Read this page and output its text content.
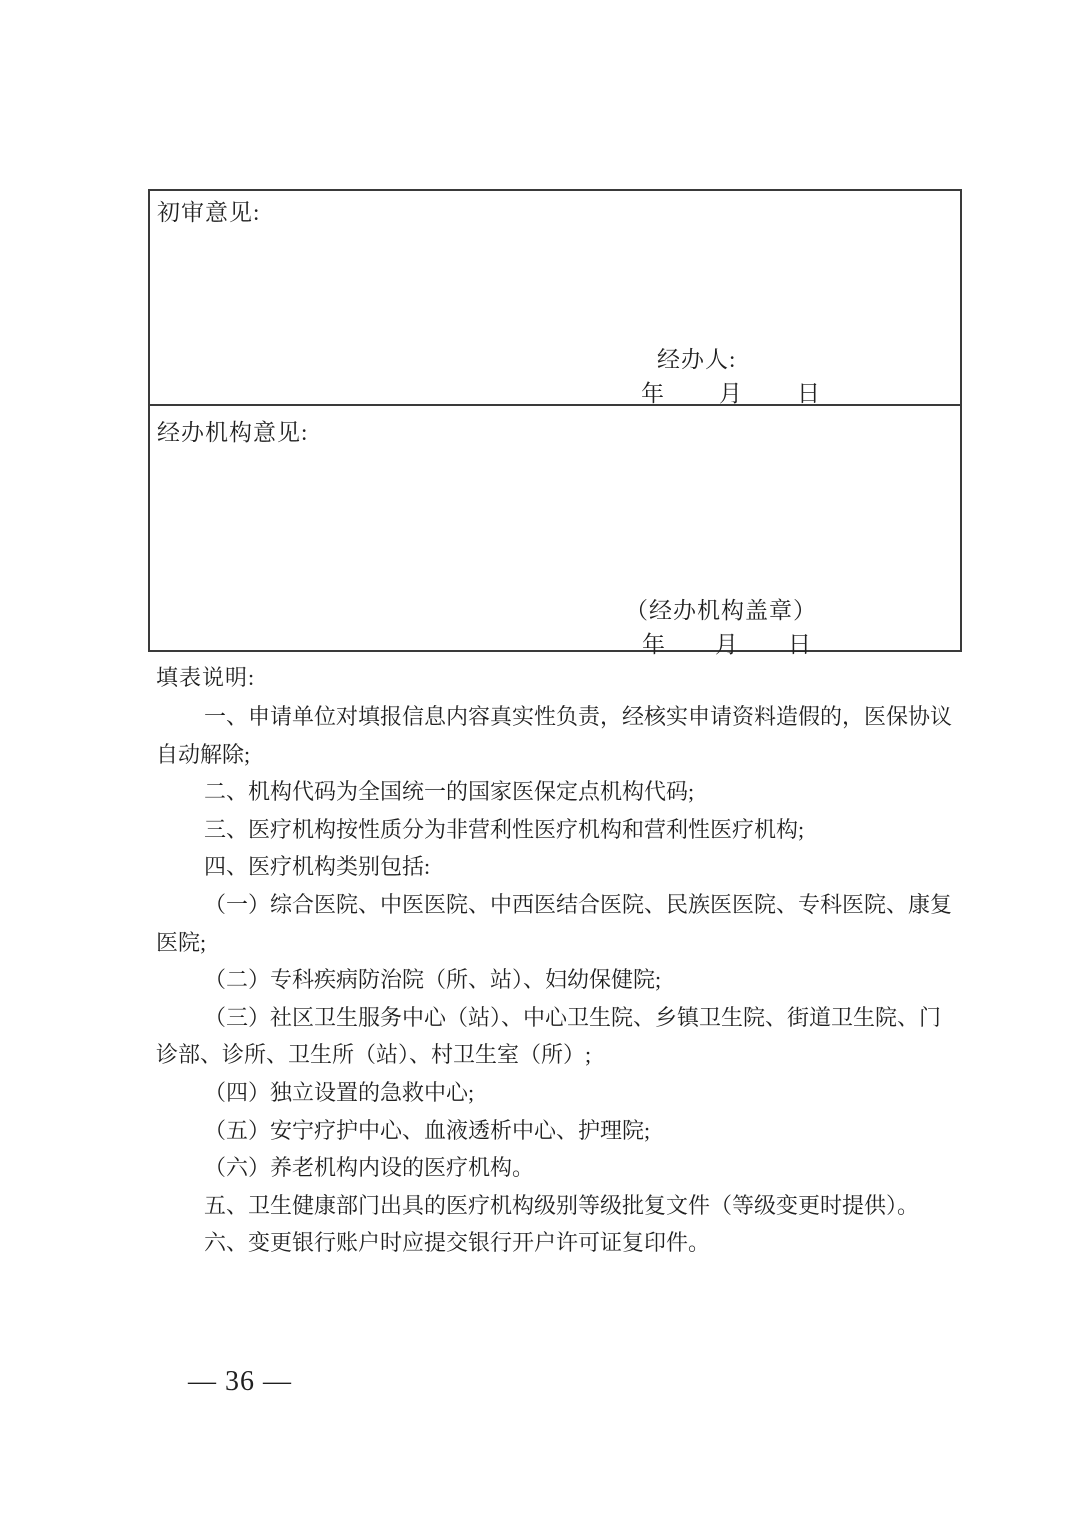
初审意见:
经办人:
年 月 日
经办机构意见:
（经办机构盖章）
年 月 日
填表说明:
一、申请单位对填报信息内容真实性负责，经核实申请资料造假的，医保协议
自动解除;
二、机构代码为全国统一的国家医保定点机构代码;
三、医疗机构按性质分为非营利性医疗机构和营利性医疗机构;
四、医疗机构类别包括:
（一）综合医院、中医医院、中西医结合医院、民族医医院、专科医院、康复
医院;
（二）专科疾病防治院（所、站）、妇幼保健院;
（三）社区卫生服务中心（站）、中心卫生院、乡镇卫生院、街道卫生院、门
诊部、诊所、卫生所（站）、村卫生室（所）;
（四）独立设置的急救中心;
（五）安宁疗护中心、血液透析中心、护理院;
（六）养老机构内设的医疗机构。
五、卫生健康部门出具的医疗机构级别等级批复文件（等级变更时提供）。
六、变更银行账户时应提交银行开户许可证复印件。
— 36 —
